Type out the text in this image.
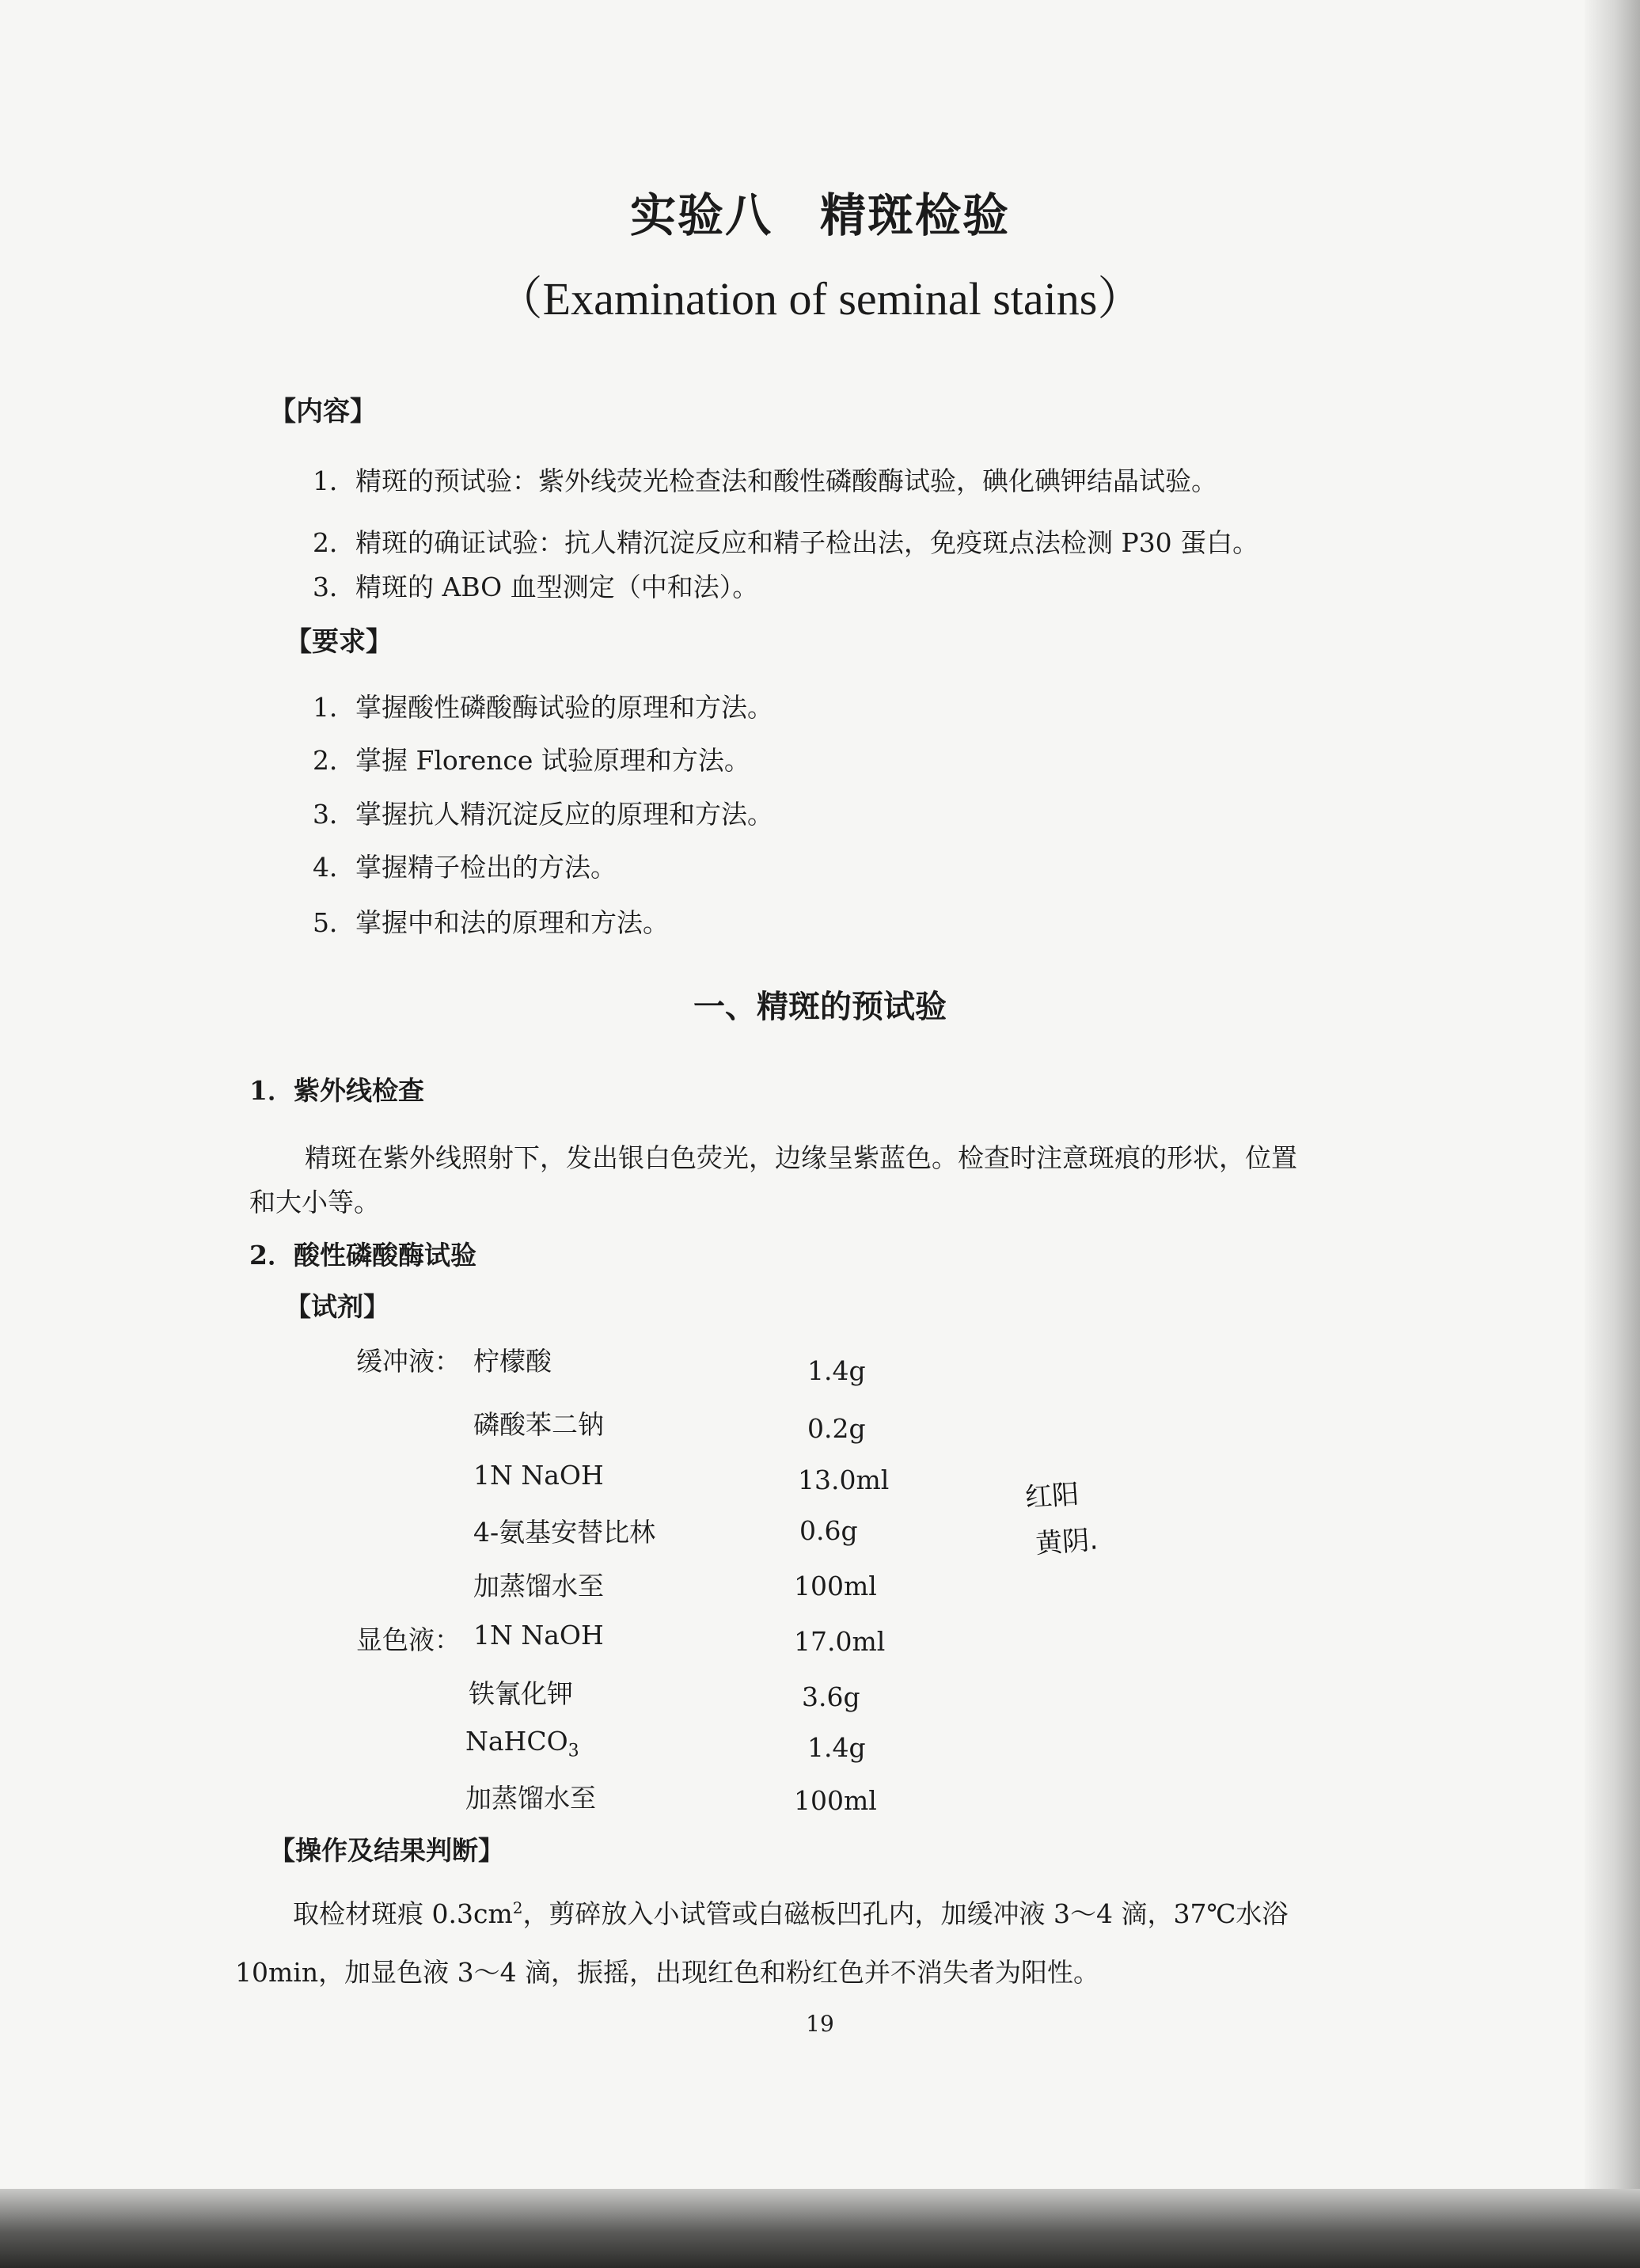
实验八　精斑检验
（Examination of seminal stains）
【内容】
1．精斑的预试验：紫外线荧光检查法和酸性磷酸酶试验，碘化碘钾结晶试验。
2．精斑的确证试验：抗人精沉淀反应和精子检出法，免疫斑点法检测 P30 蛋白。
3．精斑的 ABO 血型测定（中和法）。
【要求】
1．掌握酸性磷酸酶试验的原理和方法。
2．掌握 Florence 试验原理和方法。
3．掌握抗人精沉淀反应的原理和方法。
4．掌握精子检出的方法。
5．掌握中和法的原理和方法。
一、精斑的预试验
1．紫外线检查
精斑在紫外线照射下，发出银白色荧光，边缘呈紫蓝色。检查时注意斑痕的形状，位置
和大小等。
2．酸性磷酸酶试验
【试剂】
缓冲液： 柠檬酸	1.4g
磷酸苯二钠	0.2g
1N NaOH	13.0ml
4-氨基安替比林	0.6g
加蒸馏水至	100ml
红阳
黄阴.
显色液： 1N NaOH	17.0ml
铁氰化钾	3.6g
NaHCO$_3$	1.4g
加蒸馏水至	100ml
【操作及结果判断】
取检材斑痕 $0.3cm^2$，剪碎放入小试管或白磁板凹孔内，加缓冲液 3～4 滴，37℃水浴
10min，加显色液 3～4 滴，振摇，出现红色和粉红色并不消失者为阳性。
19
